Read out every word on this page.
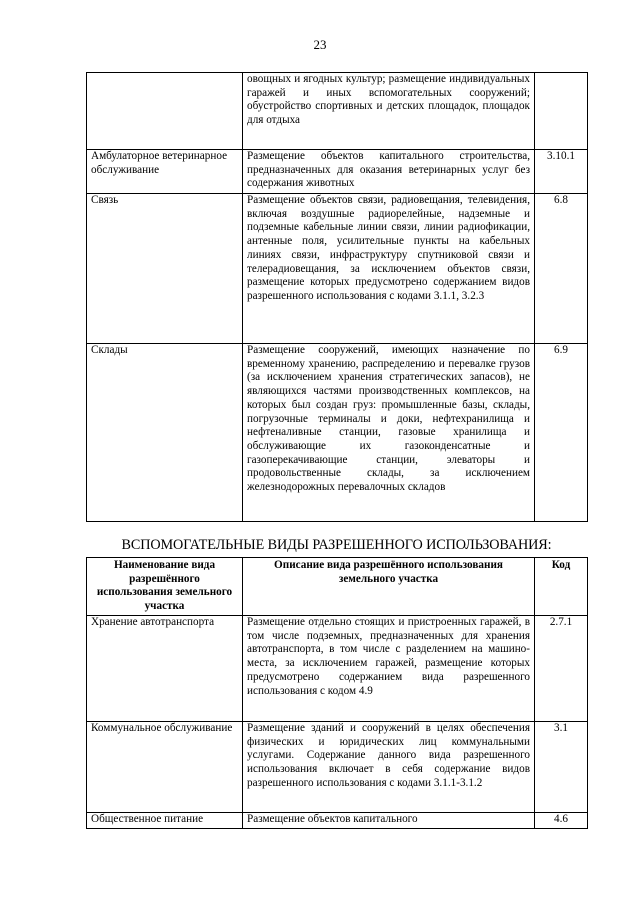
23
	овощных и ягодных культур; размещение индивидуальных гаражей и иных вспомогательных сооружений; обустройство спортивных и детских площадок, площадок для отдыха	
Амбулаторное ветеринарное обслуживание	Размещение объектов капитального строительства, предназначенных для оказания ветеринарных услуг без содержания животных	3.10.1
Связь	Размещение объектов связи, радиовещания, телевидения, включая воздушные радиорелейные, надземные и подземные кабельные линии связи, линии радиофикации, антенные поля, усилительные пункты на кабельных линиях связи, инфраструктуру спутниковой связи и телерадиовещания, за исключением объектов связи, размещение которых предусмотрено содержанием видов разрешенного использования с кодами 3.1.1, 3.2.3	6.8
Склады	Размещение сооружений, имеющих назначение по временному хранению, распределению и перевалке грузов (за исключением хранения стратегических запасов), не являющихся частями производственных комплексов, на которых был создан груз: промышленные базы, склады, погрузочные терминалы и доки, нефтехранилища и нефтеналивные станции, газовые хранилища и обслуживающие их газоконденсатные и газоперекачивающие станции, элеваторы и продовольственные склады, за исключением железнодорожных перевалочных складов	6.9
ВСПОМОГАТЕЛЬНЫЕ ВИДЫ РАЗРЕШЕННОГО ИСПОЛЬЗОВАНИЯ:
Наименование вида разрешённого использования земельного участка	Описание вида разрешённого использования земельного участка	Код
Хранение автотранспорта	Размещение отдельно стоящих и пристроенных гаражей, в том числе подземных, предназначенных для хранения автотранспорта, в том числе с разделением на машино-места, за исключением гаражей, размещение которых предусмотрено содержанием вида разрешенного использования с кодом 4.9	2.7.1
Коммунальное обслуживание	Размещение зданий и сооружений в целях обеспечения физических и юридических лиц коммунальными услугами. Содержание данного вида разрешенного использования включает в себя содержание видов разрешенного использования с кодами 3.1.1-3.1.2	3.1
Общественное питание	Размещение объектов капитального	4.6
